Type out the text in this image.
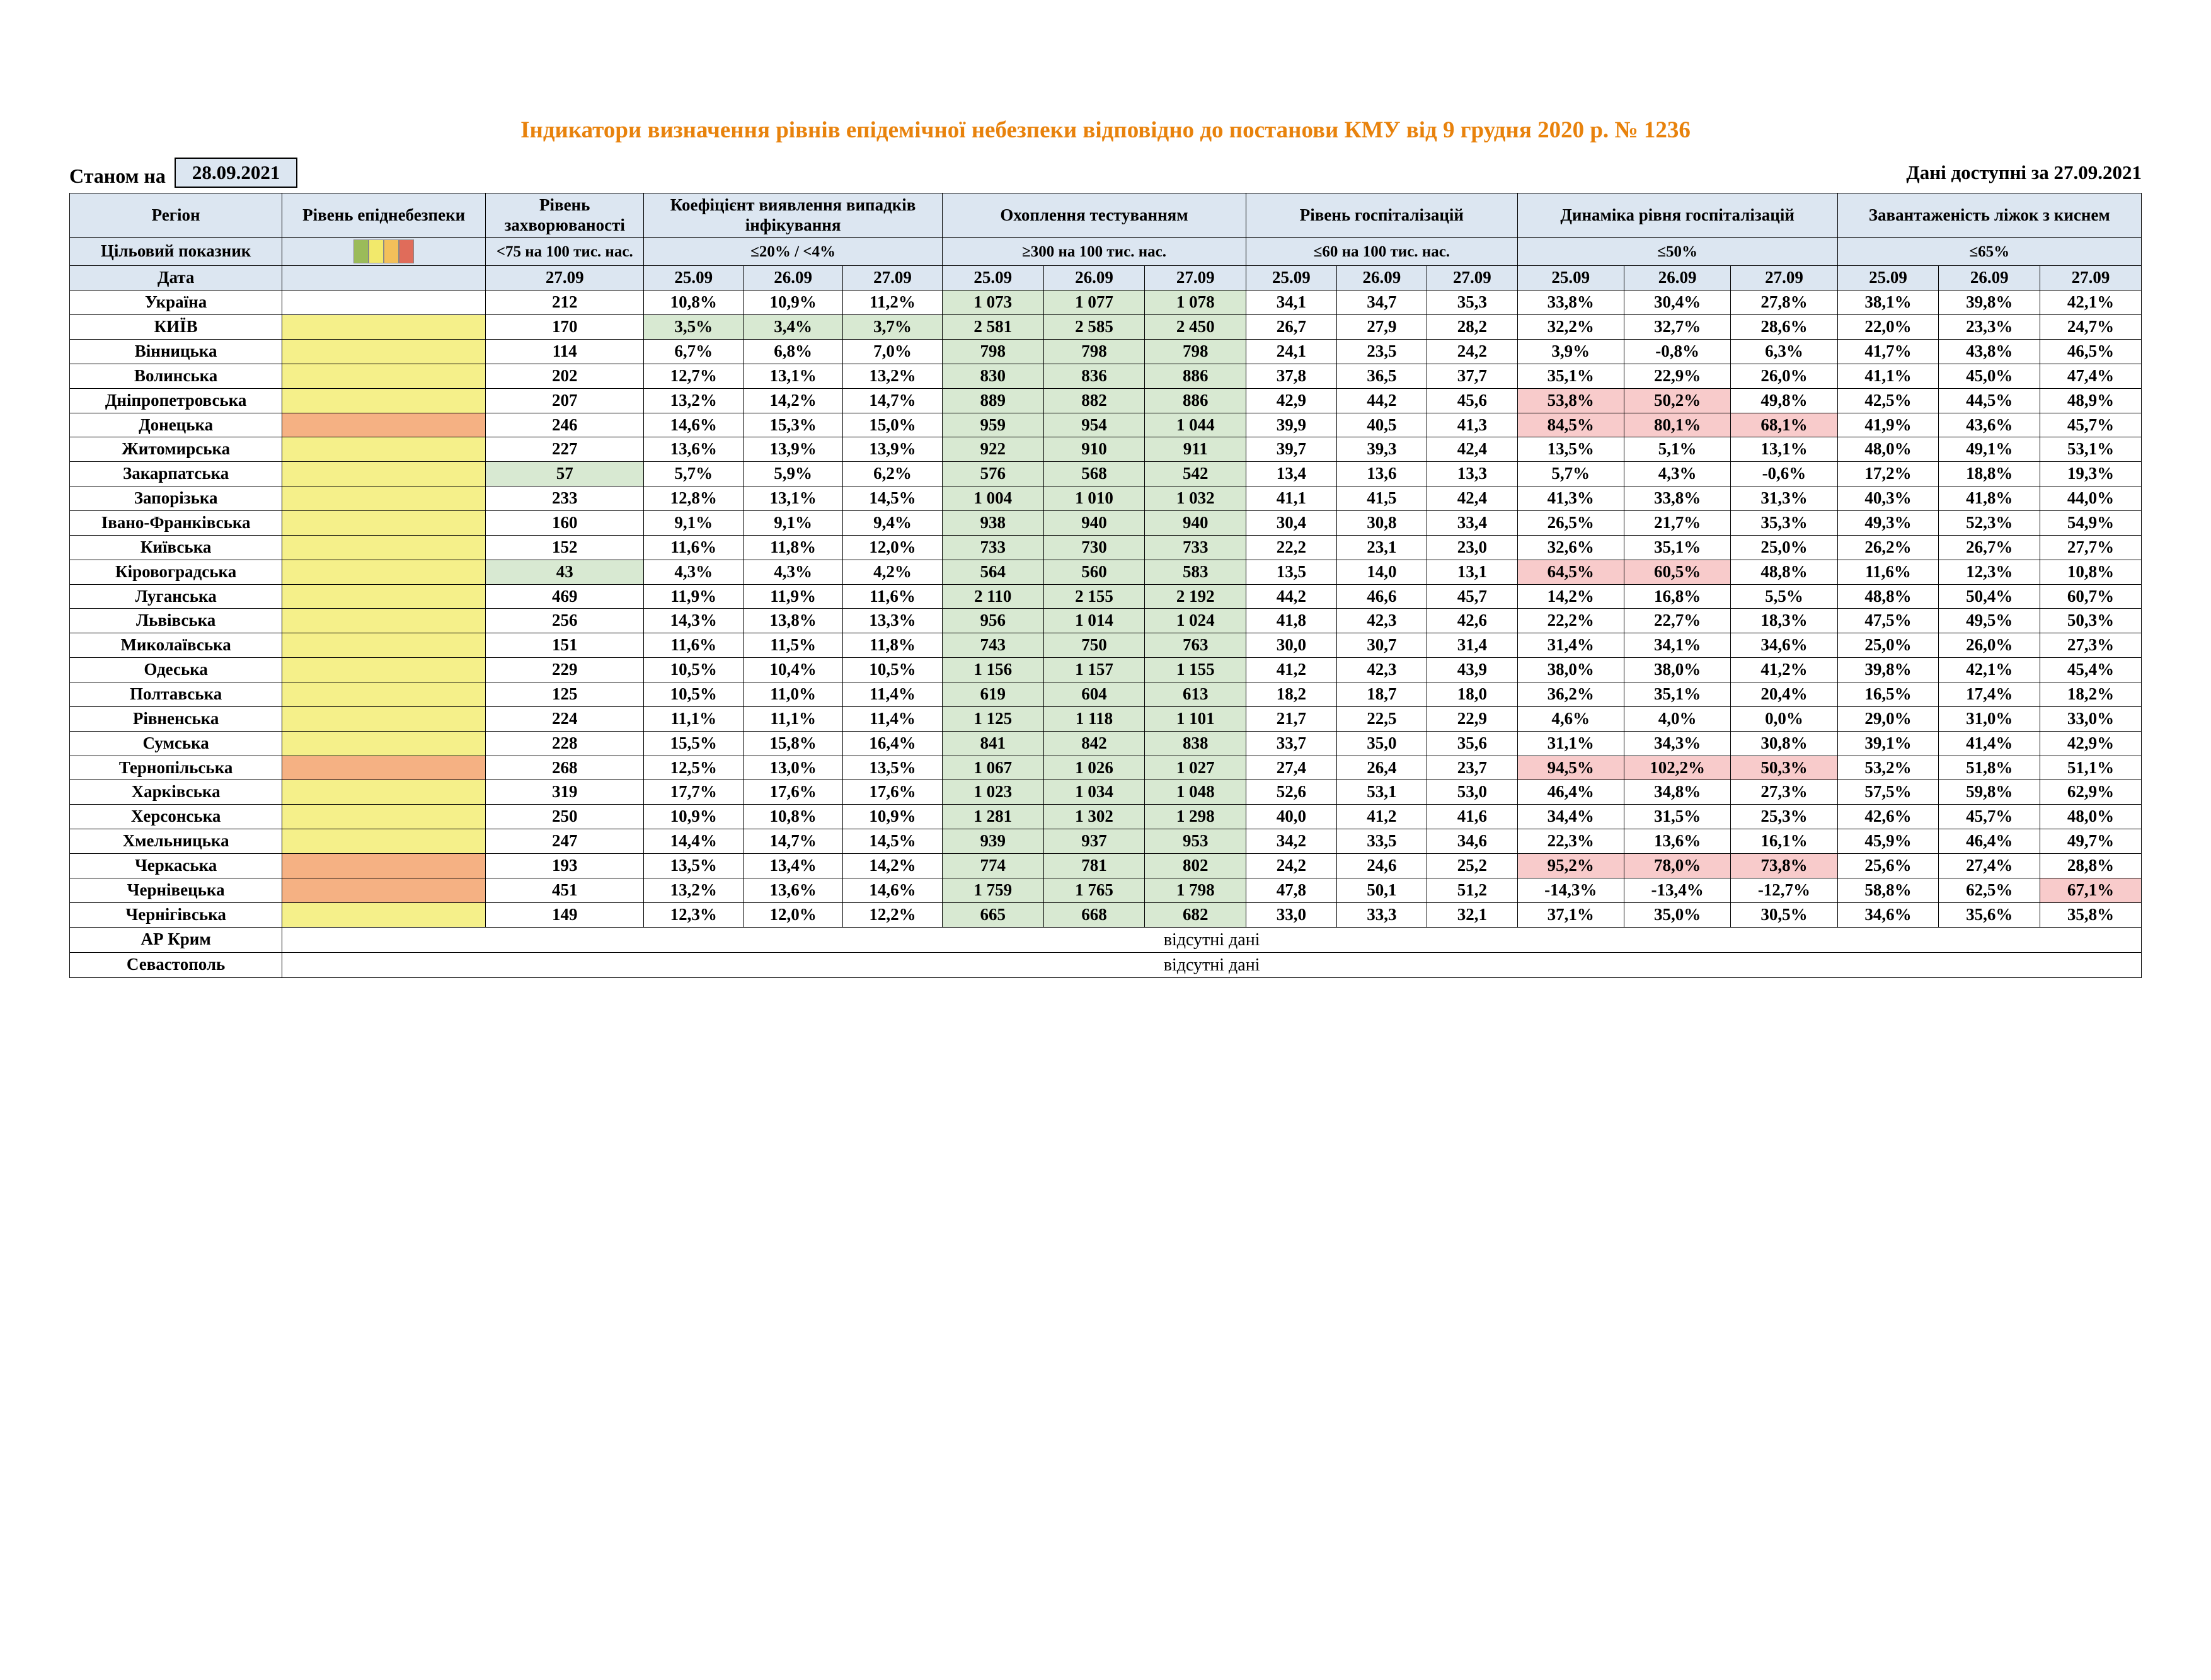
Індикатори визначення рівнів епідемічної небезпеки відповідно до постанови КМУ від 9 грудня 2020 р. № 1236
Станом на	28.09.2021	Дані доступні за 27.09.2021
Регіон	Рівень епіднебезпеки	Рівень захворюваності	Коефіцієнт виявлення випадків інфікування			Охоплення тестуванням			Рівень госпіталізацій			Динаміка рівня госпіталізацій			Завантаженість ліжок з киснем		
Цільовий показник		<75 на 100 тис. нас.	≤20% / <4%			≥300 на 100 тис. нас.			≤60 на 100 тис. нас.			≤50%			≤65%		
Дата		27.09	25.09	26.09	27.09	25.09	26.09	27.09	25.09	26.09	27.09	25.09	26.09	27.09	25.09	26.09	27.09
Україна		212	10,8%	10,9%	11,2%	1 073	1 077	1 078	34,1	34,7	35,3	33,8%	30,4%	27,8%	38,1%	39,8%	42,1%
КИЇВ		170	3,5%	3,4%	3,7%	2 581	2 585	2 450	26,7	27,9	28,2	32,2%	32,7%	28,6%	22,0%	23,3%	24,7%
Вінницька		114	6,7%	6,8%	7,0%	798	798	798	24,1	23,5	24,2	3,9%	-0,8%	6,3%	41,7%	43,8%	46,5%
Волинська		202	12,7%	13,1%	13,2%	830	836	886	37,8	36,5	37,7	35,1%	22,9%	26,0%	41,1%	45,0%	47,4%
Дніпропетровська		207	13,2%	14,2%	14,7%	889	882	886	42,9	44,2	45,6	53,8%	50,2%	49,8%	42,5%	44,5%	48,9%
Донецька		246	14,6%	15,3%	15,0%	959	954	1 044	39,9	40,5	41,3	84,5%	80,1%	68,1%	41,9%	43,6%	45,7%
Житомирська		227	13,6%	13,9%	13,9%	922	910	911	39,7	39,3	42,4	13,5%	5,1%	13,1%	48,0%	49,1%	53,1%
Закарпатська		57	5,7%	5,9%	6,2%	576	568	542	13,4	13,6	13,3	5,7%	4,3%	-0,6%	17,2%	18,8%	19,3%
Запорізька		233	12,8%	13,1%	14,5%	1 004	1 010	1 032	41,1	41,5	42,4	41,3%	33,8%	31,3%	40,3%	41,8%	44,0%
Івано-Франківська		160	9,1%	9,1%	9,4%	938	940	940	30,4	30,8	33,4	26,5%	21,7%	35,3%	49,3%	52,3%	54,9%
Київська		152	11,6%	11,8%	12,0%	733	730	733	22,2	23,1	23,0	32,6%	35,1%	25,0%	26,2%	26,7%	27,7%
Кіровоградська		43	4,3%	4,3%	4,2%	564	560	583	13,5	14,0	13,1	64,5%	60,5%	48,8%	11,6%	12,3%	10,8%
Луганська		469	11,9%	11,9%	11,6%	2 110	2 155	2 192	44,2	46,6	45,7	14,2%	16,8%	5,5%	48,8%	50,4%	60,7%
Львівська		256	14,3%	13,8%	13,3%	956	1 014	1 024	41,8	42,3	42,6	22,2%	22,7%	18,3%	47,5%	49,5%	50,3%
Миколаївська		151	11,6%	11,5%	11,8%	743	750	763	30,0	30,7	31,4	31,4%	34,1%	34,6%	25,0%	26,0%	27,3%
Одеська		229	10,5%	10,4%	10,5%	1 156	1 157	1 155	41,2	42,3	43,9	38,0%	38,0%	41,2%	39,8%	42,1%	45,4%
Полтавська		125	10,5%	11,0%	11,4%	619	604	613	18,2	18,7	18,0	36,2%	35,1%	20,4%	16,5%	17,4%	18,2%
Рівненська		224	11,1%	11,1%	11,4%	1 125	1 118	1 101	21,7	22,5	22,9	4,6%	4,0%	0,0%	29,0%	31,0%	33,0%
Сумська		228	15,5%	15,8%	16,4%	841	842	838	33,7	35,0	35,6	31,1%	34,3%	30,8%	39,1%	41,4%	42,9%
Тернопільська		268	12,5%	13,0%	13,5%	1 067	1 026	1 027	27,4	26,4	23,7	94,5%	102,2%	50,3%	53,2%	51,8%	51,1%
Харківська		319	17,7%	17,6%	17,6%	1 023	1 034	1 048	52,6	53,1	53,0	46,4%	34,8%	27,3%	57,5%	59,8%	62,9%
Херсонська		250	10,9%	10,8%	10,9%	1 281	1 302	1 298	40,0	41,2	41,6	34,4%	31,5%	25,3%	42,6%	45,7%	48,0%
Хмельницька		247	14,4%	14,7%	14,5%	939	937	953	34,2	33,5	34,6	22,3%	13,6%	16,1%	45,9%	46,4%	49,7%
Черкаська		193	13,5%	13,4%	14,2%	774	781	802	24,2	24,6	25,2	95,2%	78,0%	73,8%	25,6%	27,4%	28,8%
Чернівецька		451	13,2%	13,6%	14,6%	1 759	1 765	1 798	47,8	50,1	51,2	-14,3%	-13,4%	-12,7%	58,8%	62,5%	67,1%
Чернігівська		149	12,3%	12,0%	12,2%	665	668	682	33,0	33,3	32,1	37,1%	35,0%	30,5%	34,6%	35,6%	35,8%
АР Крим	відсутні дані																
Севастополь	відсутні дані																
